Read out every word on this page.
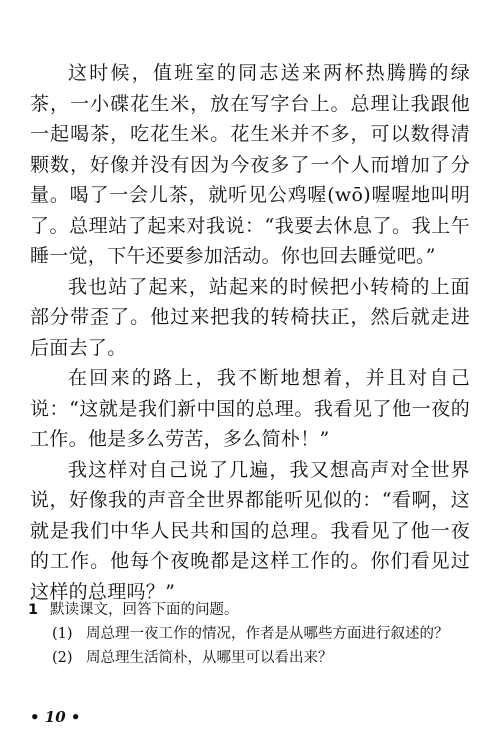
这时候，值班室的同志送来两杯热腾腾的绿茶，一小碟花生米，放在写字台上。总理让我跟他一起喝茶，吃花生米。花生米并不多，可以数得清颗数，好像并没有因为今夜多了一个人而增加了分量。喝了一会儿茶，就听见公鸡喔(wō)喔喔地叫明了。总理站了起来对我说：“我要去休息了。我上午睡一觉，下午还要参加活动。你也回去睡觉吧。”

我也站了起来，站起来的时候把小转椅的上面部分带歪了。他过来把我的转椅扶正，然后就走进后面去了。

在回来的路上，我不断地想着，并且对自己说：“这就是我们新中国的总理。我看见了他一夜的工作。他是多么劳苦，多么简朴！”

我这样对自己说了几遍，我又想高声对全世界说，好像我的声音全世界都能听见似的：“看啊，这就是我们中华人民共和国的总理。我看见了他一夜的工作。他每个夜晚都是这样工作的。你们看见过这样的总理吗？”

1 默读课文，回答下面的问题。
(1) 周总理一夜工作的情况，作者是从哪些方面进行叙述的？
(2) 周总理生活简朴，从哪里可以看出来？
• 10 •
